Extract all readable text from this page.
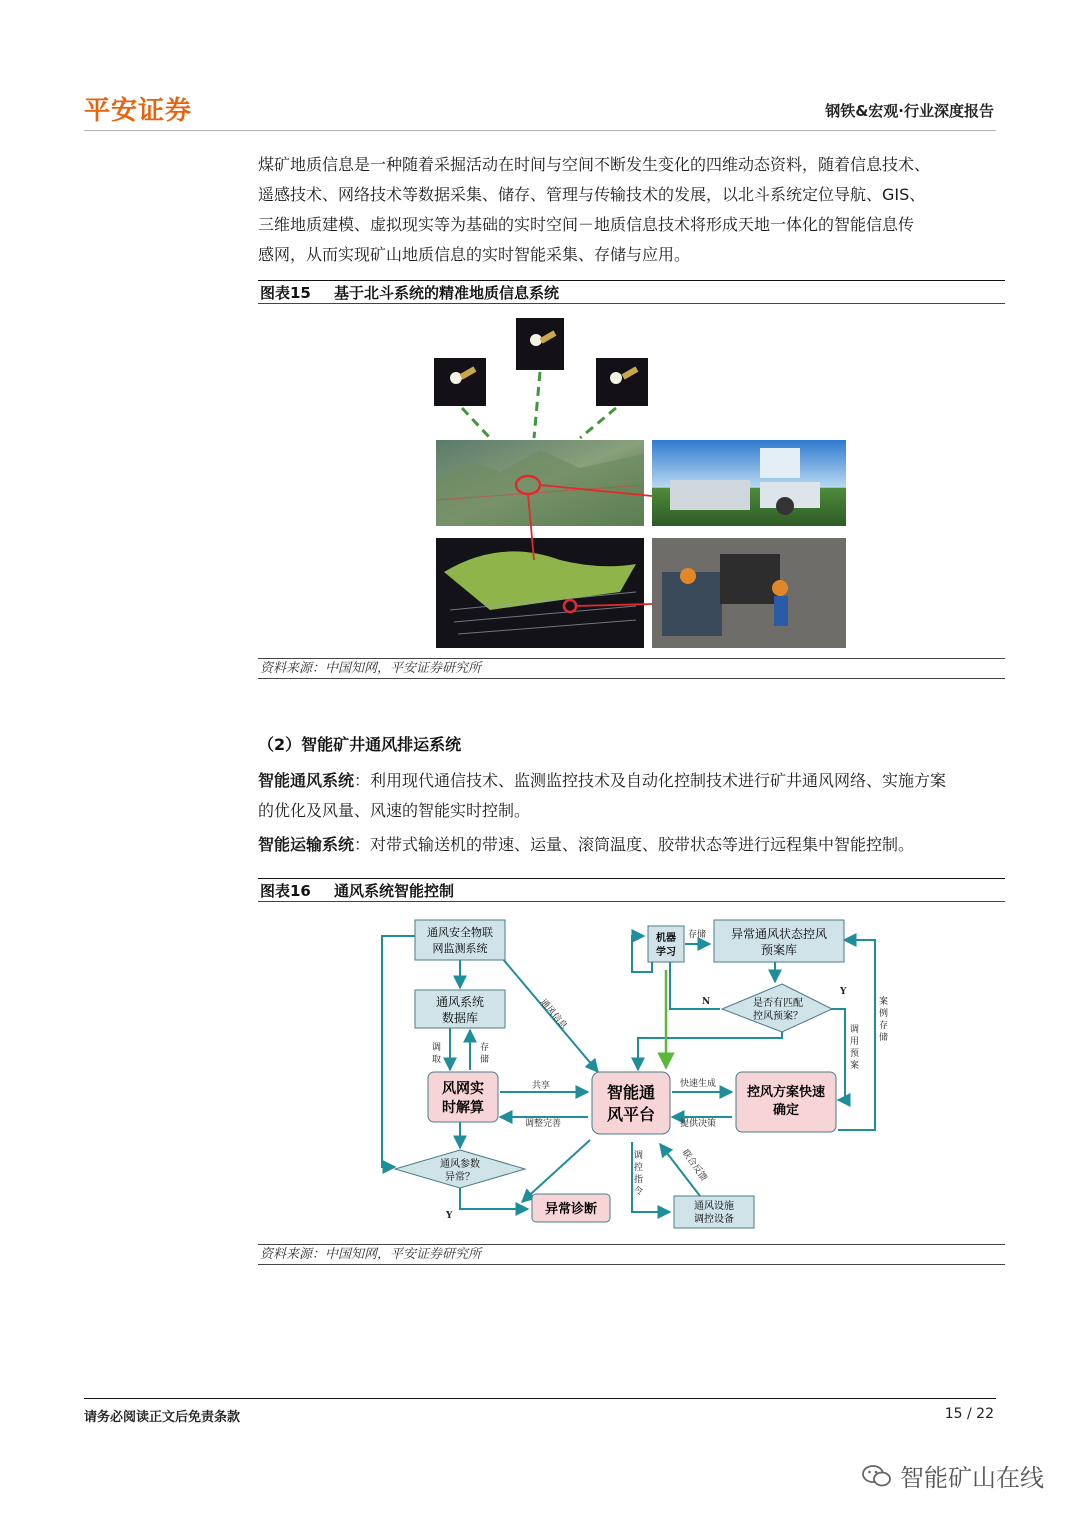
平安证券	钢铁&宏观·行业深度报告
煤矿地质信息是一种随着采掘活动在时间与空间不断发生变化的四维动态资料，随着信息技术、
遥感技术、网络技术等数据采集、储存、管理与传输技术的发展，以北斗系统定位导航、GIS、
三维地质建模、虚拟现实等为基础的实时空间－地质信息技术将形成天地一体化的智能信息传
感网，从而实现矿山地质信息的实时智能采集、存储与应用。
图表15 基于北斗系统的精准地质信息系统
资料来源：中国知网，平安证券研究所
（2）智能矿井通风排运系统
智能通风系统：利用现代通信技术、监测监控技术及自动化控制技术进行矿井通风网络、实施方案
的优化及风量、风速的智能实时控制。
智能运输系统：对带式输送机的带速、运量、滚筒温度、胶带状态等进行远程集中智能控制。
图表16 通风系统智能控制
通风安全物联
网监测系统
通风系统
数据库
风网实
时解算
通风参数
异常？
异常诊断
智能通
风平台
机器
学习
异常通风状态控风
预案库
是否有匹配
控风预案？
控风方案快速
确定
通风设施
调控设备
存储
调
取
存
储
共享
调整完善
快速生成
提供决策
调
控
指
令
联合反馈
通风信息	N
Y
Y
调
用
预
案
案
例
存
储
资料来源：中国知网，平安证券研究所
请务必阅读正文后免责条款	15 / 22
智能矿山在线
